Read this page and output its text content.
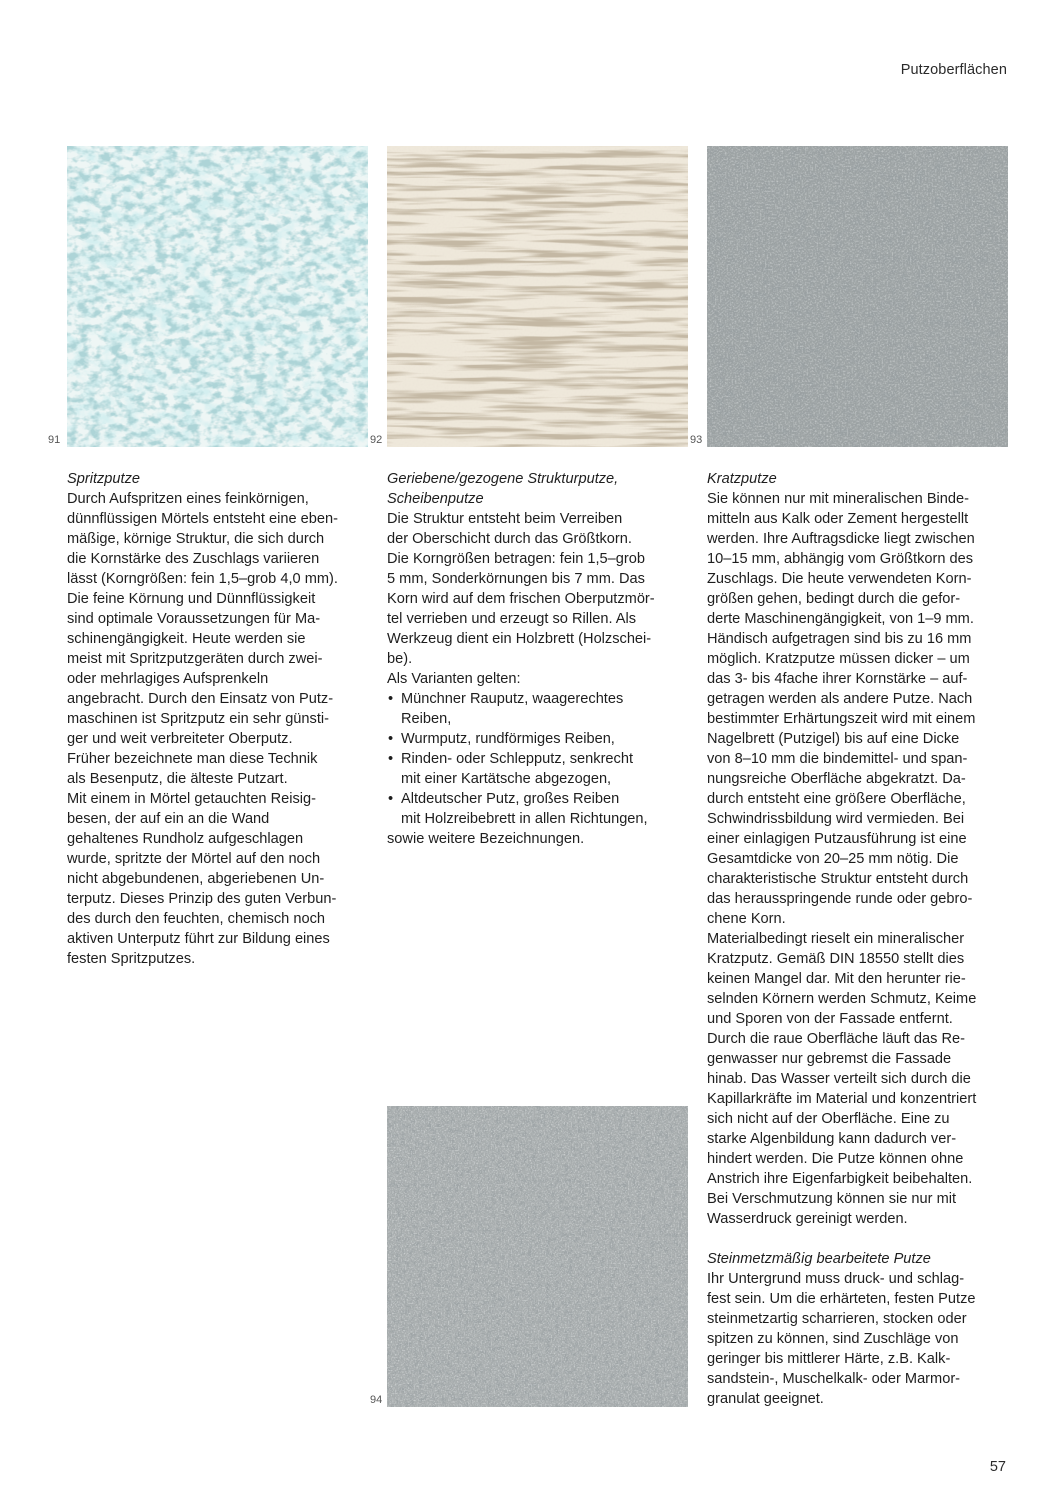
Putzoberflächen
91	92	93
94

Spritzputze

Durch Aufspritzen eines feinkörnigen,

dünnflüssigen Mörtels entsteht eine eben-

mäßige, körnige Struktur, die sich durch

die Kornstärke des Zuschlags variieren

lässt (Korngrößen: fein 1,5–grob 4,0 mm).

Die feine Körnung und Dünnflüssigkeit

sind optimale Voraussetzungen für Ma-

schinengängigkeit. Heute werden sie

meist mit Spritzputzgeräten durch zwei-

oder mehrlagiges Aufsprenkeln

angebracht. Durch den Einsatz von Putz-

maschinen ist Spritzputz ein sehr günsti-

ger und weit verbreiteter Oberputz.

Früher bezeichnete man diese Technik

als Besenputz, die älteste Putzart.

Mit einem in Mörtel getauchten Reisig-

besen, der auf ein an die Wand

gehaltenes Rundholz aufgeschlagen

wurde, spritzte der Mörtel auf den noch

nicht abgebundenen, abgeriebenen Un-

terputz. Dieses Prinzip des guten Verbun-

des durch den feuchten, chemisch noch

aktiven Unterputz führt zur Bildung eines

festen Spritzputzes.

Geriebene/gezogene Strukturputze,

Scheibenputze

Die Struktur entsteht beim Verreiben

der Oberschicht durch das Größtkorn.

Die Korngrößen betragen: fein 1,5–grob

5 mm, Sonderkörnungen bis 7 mm. Das

Korn wird auf dem frischen Oberputzmör-

tel verrieben und erzeugt so Rillen. Als

Werkzeug dient ein Holzbrett (Holzschei-

be).

Als Varianten gelten:

• Münchner Rauputz, waagerechtes
Reiben,
• Wurmputz, rundförmiges Reiben,
• Rinden- oder Schlepputz, senkrecht
mit einer Kartätsche abgezogen,
• Altdeutscher Putz, großes Reiben
mit Holzreibebrett in allen Richtungen,

sowie weitere Bezeichnungen.

Kratzputze

Sie können nur mit mineralischen Binde-

mitteln aus Kalk oder Zement hergestellt

werden. Ihre Auftragsdicke liegt zwischen

10–15 mm, abhängig vom Größtkorn des

Zuschlags. Die heute verwendeten Korn-

größen gehen, bedingt durch die gefor-

derte Maschinengängigkeit, von 1–9 mm.

Händisch aufgetragen sind bis zu 16 mm

möglich. Kratzputze müssen dicker – um

das 3- bis 4fache ihrer Kornstärke – auf-

getragen werden als andere Putze. Nach

bestimmter Erhärtungszeit wird mit einem

Nagelbrett (Putzigel) bis auf eine Dicke

von 8–10 mm die bindemittel- und span-

nungsreiche Oberfläche abgekratzt. Da-

durch entsteht eine größere Oberfläche,

Schwindrissbildung wird vermieden. Bei

einer einlagigen Putzausführung ist eine

Gesamtdicke von 20–25 mm nötig. Die

charakteristische Struktur entsteht durch

das herausspringende runde oder gebro-

chene Korn.

Materialbedingt rieselt ein mineralischer

Kratzputz. Gemäß DIN 18550 stellt dies

keinen Mangel dar. Mit den herunter rie-

selnden Körnern werden Schmutz, Keime

und Sporen von der Fassade entfernt.

Durch die raue Oberfläche läuft das Re-

genwasser nur gebremst die Fassade

hinab. Das Wasser verteilt sich durch die

Kapillarkräfte im Material und konzentriert

sich nicht auf der Oberfläche. Eine zu

starke Algenbildung kann dadurch ver-

hindert werden. Die Putze können ohne

Anstrich ihre Eigenfarbigkeit beibehalten.

Bei Verschmutzung können sie nur mit

Wasserdruck gereinigt werden.

Steinmetzmäßig bearbeitete Putze

Ihr Untergrund muss druck- und schlag-

fest sein. Um die erhärteten, festen Putze

steinmetzartig scharrieren, stocken oder

spitzen zu können, sind Zuschläge von

geringer bis mittlerer Härte, z.B. Kalk-

sandstein-, Muschelkalk- oder Marmor-

granulat geeignet.

57
